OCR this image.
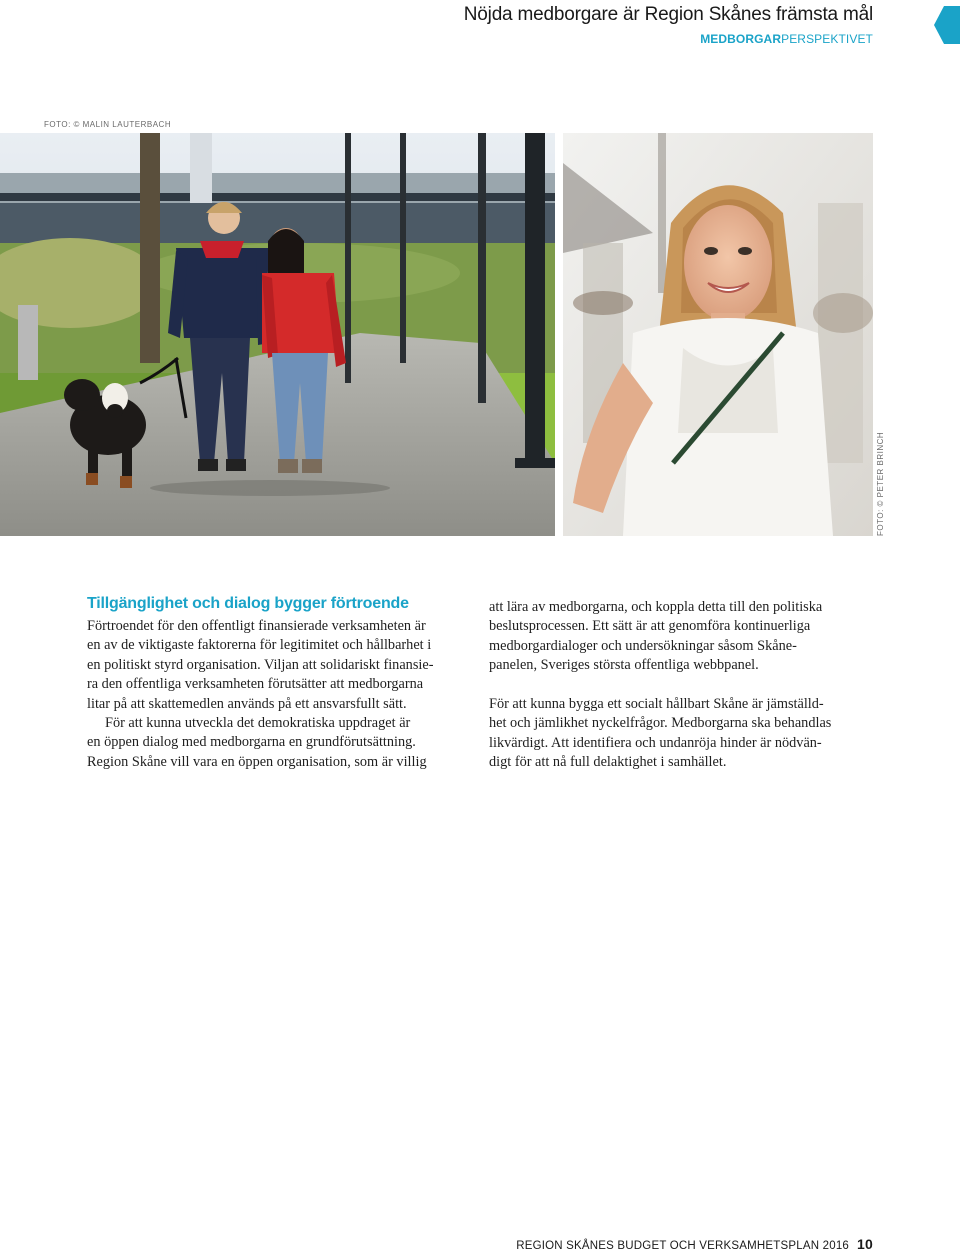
Nöjda medborgare är Region Skånes främsta mål
MEDBORGARPERSPEKTIVET
FOTO: © MALIN LAUTERBACH
FOTO: © PETER BRINCH
Tillgänglighet och dialog bygger förtroende
Förtroendet för den offentligt finansierade verksamheten är
en av de viktigaste faktorerna för legitimitet och hållbarhet i
en politiskt styrd organisation. Viljan att solidariskt finansie-
ra den offentliga verksamheten förutsätter att medborgarna
litar på att skattemedlen används på ett ansvarsfullt sätt.
För att kunna utveckla det demokratiska uppdraget är
en öppen dialog med medborgarna en grundförutsättning.
Region Skåne vill vara en öppen organisation, som är villig
att lära av medborgarna, och koppla detta till den politiska
beslutsprocessen. Ett sätt är att genomföra kontinuerliga
medborgardialoger och undersökningar såsom Skåne-
panelen, Sveriges största offentliga webbpanel.
För att kunna bygga ett socialt hållbart Skåne är jämställd-
het och jämlikhet nyckelfrågor. Medborgarna ska behandlas
likvärdigt. Att identifiera och undanröja hinder är nödvän-
digt för att nå full delaktighet i samhället.
REGION SKÅNES BUDGET OCH VERKSAMHETSPLAN 2016 10
